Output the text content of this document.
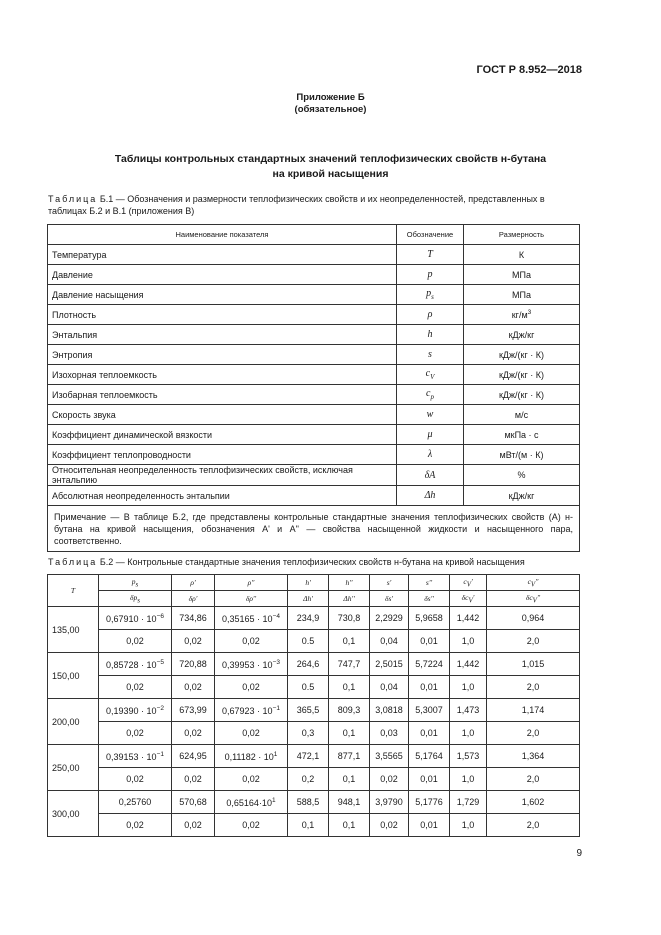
ГОСТ Р 8.952—2018
Приложение Б
(обязательное)
Таблицы контрольных стандартных значений теплофизических свойств н-бутана
на кривой насыщения
Таблица Б.1 — Обозначения и размерности теплофизических свойств и их неопределенностей, представленных в таблицах Б.2 и В.1 (приложения В)
Наименование показателя	Обозначение	Размерность
Температура	T	К
Давление	p	МПа
Давление насыщения	$p_s$	МПа
Плотность	ρ	$кг/м^3$
Энтальпия	h	кДж/кг
Энтропия	s	кДж/(кг · К)
Изохорная теплоемкость	$c_V$	кДж/(кг · К)
Изобарная теплоемкость	$c_p$	кДж/(кг · К)
Скорость звука	w	м/с
Коэффициент динамической вязкости	μ	мкПа · с
Коэффициент теплопроводности	λ	мВт/(м · К)
Относительная неопределенность теплофизических свойств, исключая энтальпию	δA	%
Абсолютная неопределенность энтальпии	Δh	кДж/кг
Примечание — В таблице Б.2, где представлены контрольные стандартные значения теплофизических свойств (A) н-бутана на кривой насыщения, обозначения A' и A'' — свойства насыщенной жидкости и насыщенного пара, соответственно.		
Таблица Б.2 — Контрольные стандартные значения теплофизических свойств н-бутана на кривой насыщения
T	$p_s$	ρ'	ρ''	h'	h''	s'	s''	$c_V'$	$c_V''$
	$\delta p_s$	δρ'	δρ''	Δh'	Δh''	δs'	δs''	$\delta c_V'$	$\delta c_V''$
135,00	$0,67910 \cdot 10^{-6}$	734,86	$0,35165 \cdot 10^{-4}$	234,9	730,8	2,2929	5,9658	1,442	0,964
	0,02	0,02	0,02	0.5	0,1	0,04	0,01	1,0	2,0
150,00	$0,85728 \cdot 10^{-5}$	720,88	$0,39953 \cdot 10^{-3}$	264,6	747,7	2,5015	5,7224	1,442	1,015
	0,02	0,02	0,02	0.5	0,1	0,04	0,01	1,0	2,0
200,00	$0,19390 \cdot 10^{-2}$	673,99	$0,67923 \cdot 10^{-1}$	365,5	809,3	3,0818	5,3007	1,473	1,174
	0,02	0,02	0,02	0,3	0,1	0,03	0,01	1,0	2,0
250,00	$0,39153 \cdot 10^{-1}$	624,95	$0,11182 \cdot 10^1$	472,1	877,1	3,5565	5,1764	1,573	1,364
	0,02	0,02	0,02	0,2	0,1	0,02	0,01	1,0	2,0
300,00	0,25760	570,68	$0,65164\cdot 10^1$	588,5	948,1	3,9790	5,1776	1,729	1,602
	0,02	0,02	0,02	0,1	0,1	0,02	0,01	1,0	2,0
9
